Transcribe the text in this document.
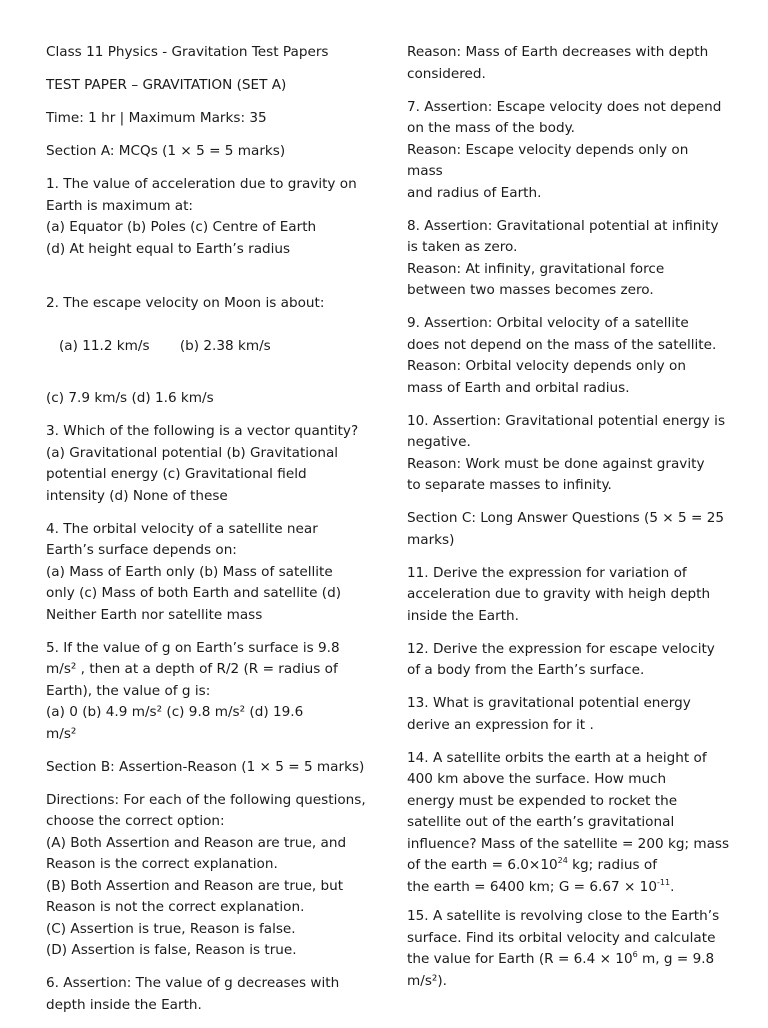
Class 11 Physics - Gravitation Test Papers
TEST PAPER – GRAVITATION (SET A)
Time: 1 hr | Maximum Marks: 35
Section A: MCQs (1 × 5 = 5 marks)
1. The value of acceleration due to gravity on
Earth is maximum at:
(a) Equator (b) Poles (c) Centre of Earth
(d) At height equal to Earth’s radius

2. The escape velocity on Moon is about:

(a) 11.2 km/s       (b) 2.38 km/s

(c) 7.9 km/s (d) 1.6 km/s
3. Which of the following is a vector quantity?
(a) Gravitational potential (b) Gravitational
potential energy (c) Gravitational field
intensity (d) None of these
4. The orbital velocity of a satellite near
Earth’s surface depends on:
(a) Mass of Earth only (b) Mass of satellite
only (c) Mass of both Earth and satellite (d)
Neither Earth nor satellite mass
5. If the value of g on Earth’s surface is 9.8
m/s² , then at a depth of R/2 (R = radius of
Earth), the value of g is:
(a) 0 (b) 4.9 m/s² (c) 9.8 m/s² (d) 19.6
m/s²
Section B: Assertion-Reason (1 × 5 = 5 marks)
Directions: For each of the following questions,
choose the correct option:
(A) Both Assertion and Reason are true, and
Reason is the correct explanation.
(B) Both Assertion and Reason are true, but
Reason is not the correct explanation.
(C) Assertion is true, Reason is false.
(D) Assertion is false, Reason is true.
6. Assertion: The value of g decreases with
depth inside the Earth.
Reason: Mass of Earth decreases with depth
considered.
7. Assertion: Escape velocity does not depend
on the mass of the body.
Reason: Escape velocity depends only on mass
and radius of Earth.
8. Assertion: Gravitational potential at infinity
is taken as zero.
Reason: At infinity, gravitational force
between two masses becomes zero.
9. Assertion: Orbital velocity of a satellite
does not depend on the mass of the satellite.
Reason: Orbital velocity depends only on
mass of Earth and orbital radius.
10. Assertion: Gravitational potential energy is
negative.
Reason: Work must be done against gravity
to separate masses to infinity.
Section C: Long Answer Questions (5 × 5 = 25
marks)
11. Derive the expression for variation of
acceleration due to gravity with heigh depth
inside the Earth.
12. Derive the expression for escape velocity
of a body from the Earth’s surface.
13. What is gravitational potential energy
derive an expression for it .
14. A satellite orbits the earth at a height of
400 km above the surface. How much
energy must be expended to rocket the
satellite out of the earth’s gravitational
influence? Mass of the satellite = 200 kg; mass
of the earth = $6.0\times 10^{24}$ kg; radius of
the earth = 6400 km; $G = 6.67 \times 10^{-11}$.
15. A satellite is revolving close to the Earth’s
surface. Find its orbital velocity and calculate
the value for Earth ($R = 6.4 \times 10^6$ m, g = 9.8
m/s²).
